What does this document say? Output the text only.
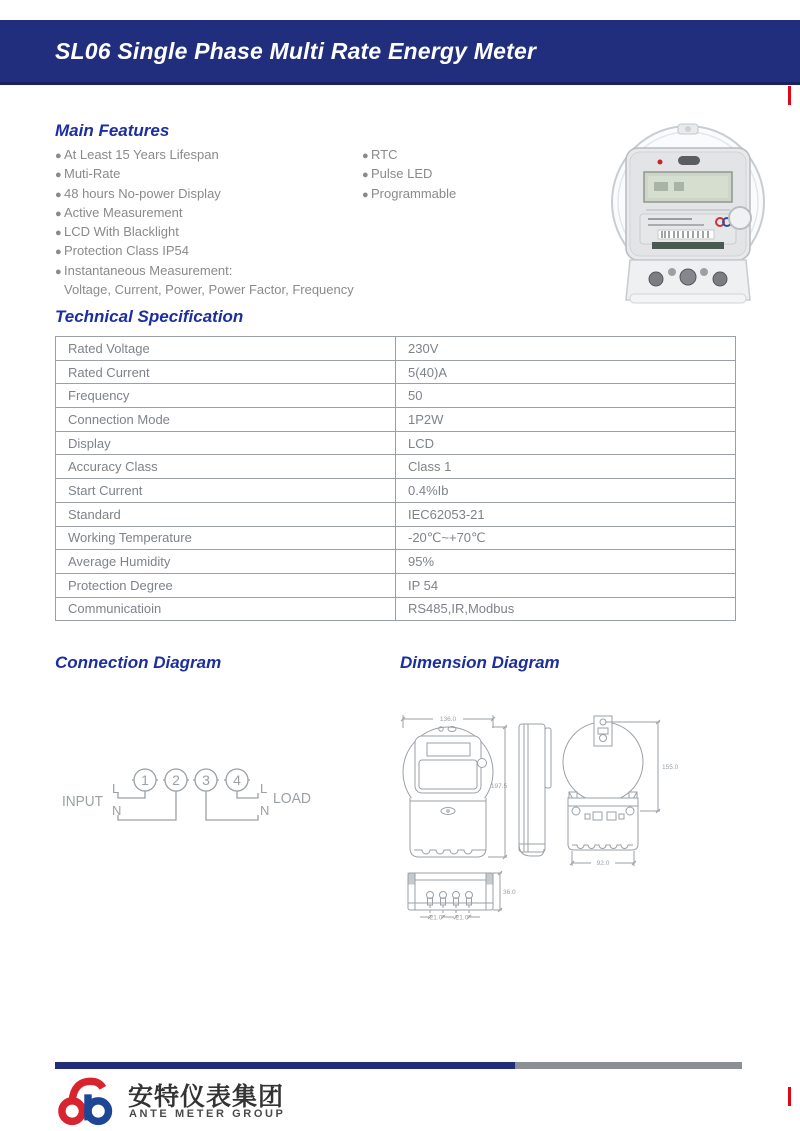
SL06 Single Phase Multi Rate Energy Meter
Main Features
● At Least 15 Years Lifespan
● Muti-Rate
● 48 hours No-power Display
● Active Measurement
● LCD With Blacklight
● Protection Class IP54
● Instantaneous Measurement:
Voltage, Current, Power, Power Factor, Frequency
● RTC
● Pulse LED
● Programmable
Technical Specification
Rated Voltage	230V
Rated Current	5(40)A
Frequency	50
Connection Mode	1P2W
Display	LCD
Accuracy Class	Class 1
Start Current	0.4%Ib
Standard	IEC62053-21
Working Temperature	-20℃~+70℃
Average Humidity	95%
Protection Degree	IP 54
Communicatioin	RS485,IR,Modbus
Connection Diagram	Dimension Diagram
INPUT	LOAD
L
N
L
N
1 2 3 4
136.0
197.5
155.0
92.0
36.0
21.0 21.0
安特仪表集团
ANTE METER GROUP
